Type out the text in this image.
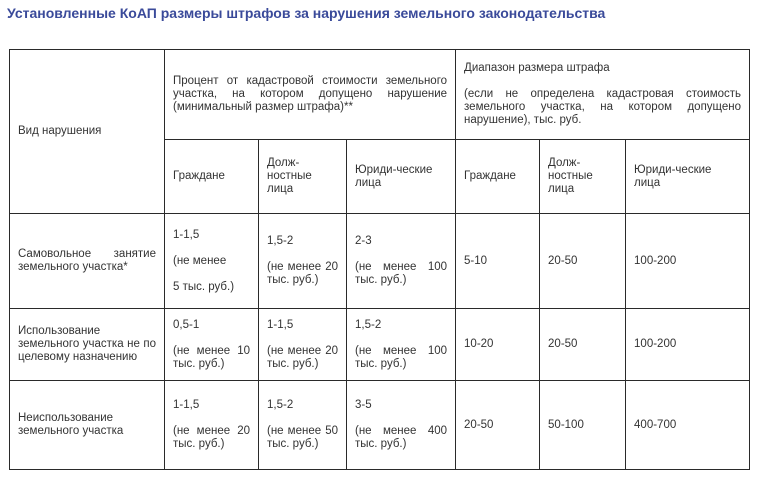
Установленные КоАП размеры штрафов за нарушения земельного законодательства
Вид нарушения	Процент от кадастровой стоимости земельного участка, на котором допущено нарушение (минимальный размер штрафа)**			Диапазон размера штрафа
(если не определена кадастровая стоимость земельного участка, на котором допущено нарушение), тыс. руб.		

	Граждане	Долж-
ностные
лица	Юриди-ческие
лица	Граждане	Долж-
ностные
лица	Юриди-ческие
лица

Самовольное занятие земельного участка*	1-1,5
(не менее
5 тыс. руб.)	1,5-2
(не менее 20 тыс. руб.)	2-3
(не менее 100 тыс. руб.)	5-10	20-50	100-200
Использование земельного участка не по целевому назначению	0,5-1
(не менее 10 тыс. руб.)	1-1,5
(не менее 20 тыс. руб.)	1,5-2
(не менее 100 тыс. руб.)	10-20	20-50	100-200
Неиспользование земельного участка	1-1,5
(не менее 20 тыс. руб.)	1,5-2
(не менее 50 тыс. руб.)	3-5
(не менее 400 тыс. руб.)	20-50	50-100	400-700
